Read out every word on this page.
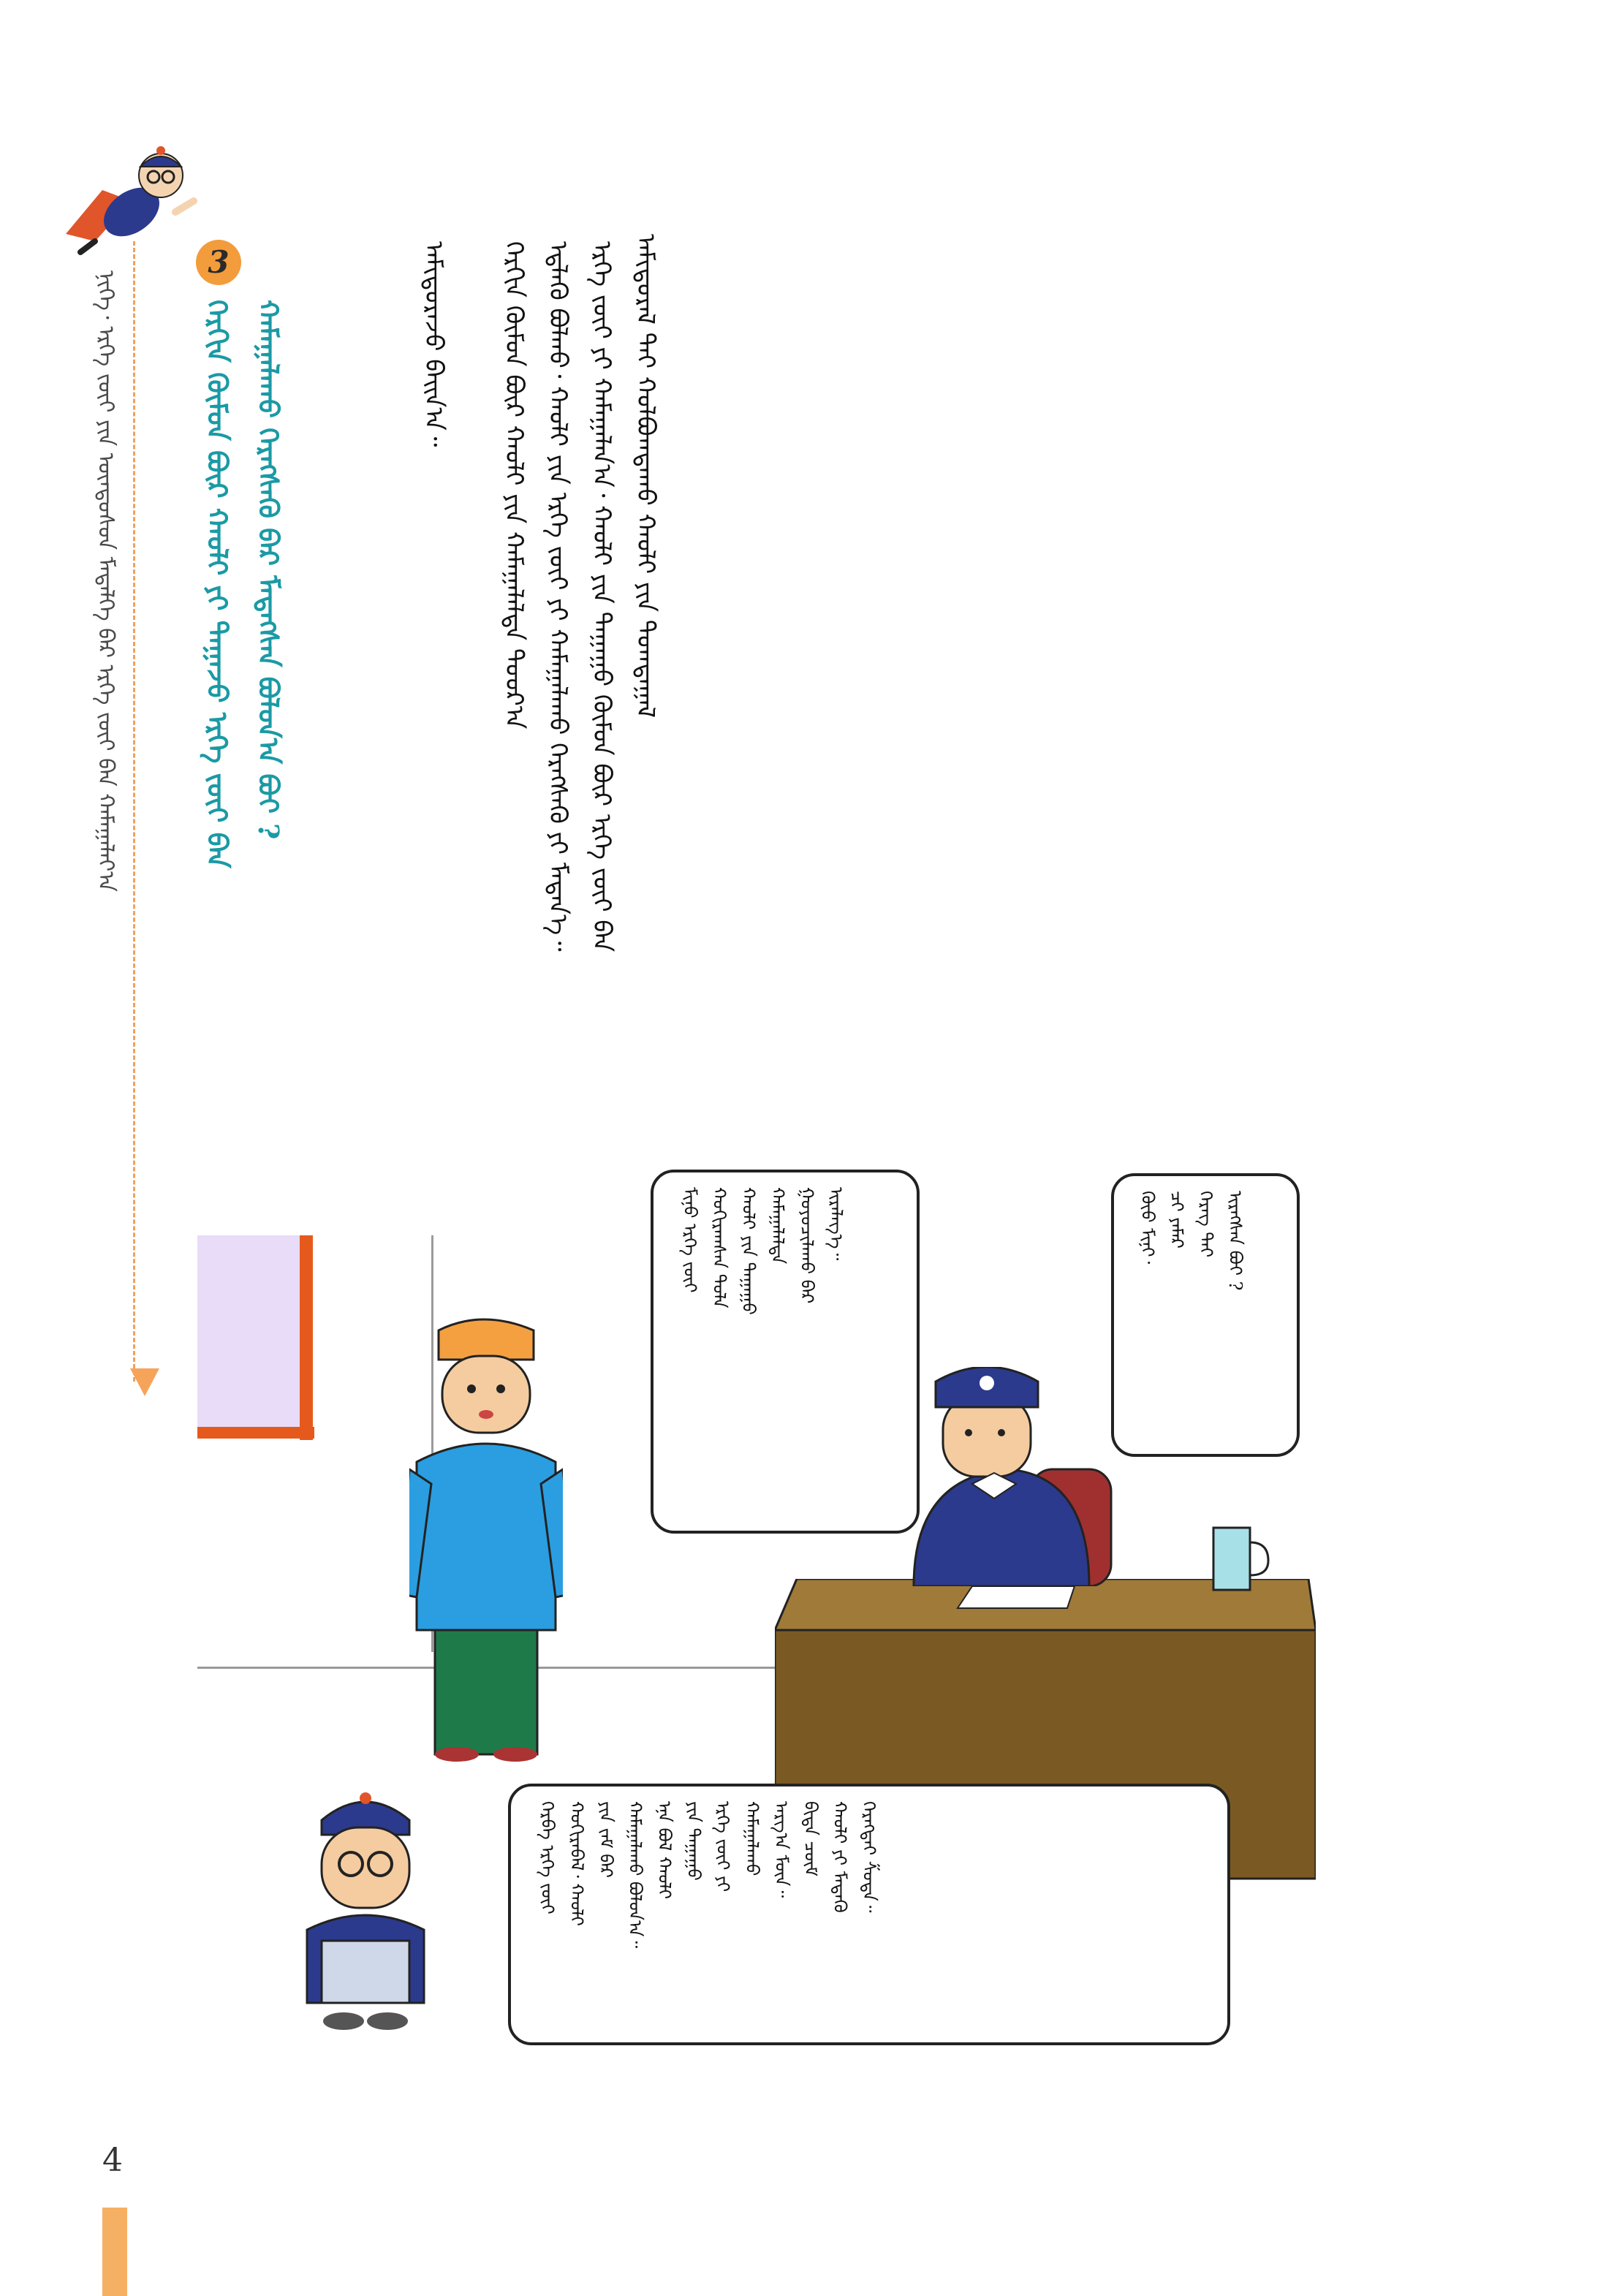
ᠨᠢᠭᠡ᠂ ᠡᠷᠬᠡ ᠵᠦᠢ ᠶᠢᠨ ᠦᠨᠳᠦᠰᠦᠨ ᠮᠡᠳᠡᠯᠭᠡ ᠪᠡᠷ ᠡᠷᠬᠡ ᠵᠦᠢ ᠪᠡᠨ ᠬᠠᠮᠠᠭᠠᠯᠠᠶ᠎ᠠ
3
ᠬᠡᠷᠬᠢᠨ ᠬᠦᠮᠦᠨ ᠪᠦᠷ ᠬᠠᠤᠯᠢ ᠶᠢ ᠳᠠᠭᠠᠵᠤ ᠡᠷᠬᠡ ᠵᠦᠢ ᠪᠡᠨ ᠬᠠᠮᠠᠭᠠᠯᠠᠬᠤ ᠬᠡᠷᠡᠭᠰᠡᠬᠦ ᠪᠡᠷ ᠮᠡᠳᠡᠭᠰᠡᠨ ᠪᠣᠯᠤᠨ᠎ᠠ ᠪᠣᠢ ?	ᠠᠮᠢᠳᠤᠷᠠᠯ ᠲᠠᠢ ᠬᠣᠯᠪᠣᠭᠳᠠᠬᠤ ᠬᠠᠤᠯᠢ ᠶᠢᠨ ᠲᠣᠭᠲᠠᠭᠠᠯ
ᠡᠷᠬᠡ ᠵᠦᠢ ᠶᠢ ᠬᠠᠮᠠᠭᠠᠯᠠᠨ᠎ᠠ᠂ ᠬᠠᠤᠯᠢ ᠶᠢᠨ ᠳᠠᠭᠠᠭᠤ ᠬᠦᠮᠦᠨ ᠪᠦᠷ ᠡᠷᠬᠡ ᠵᠦᠢ ᠪᠡᠨ
ᠡᠳ᠋ᠯᠡᠬᠦ ᠪᠣᠯᠬᠤ᠂ ᠬᠠᠤᠯᠢ ᠶᠢᠨ ᠡᠷᠬᠡ ᠵᠦᠢ ᠶᠢ ᠬᠠᠮᠠᠭᠠᠯᠠᠬᠤ ᠬᠡᠷᠡᠭᠰᠡᠬᠦ ᠶᠢ ᠮᠡᠳᠡᠨ᠎ᠡ᠃
ᠬᠡᠷᠬᠢᠨ ᠬᠦᠮᠦᠨ ᠪᠦᠷ ᠬᠠᠤᠯᠢ ᠶᠢᠨ ᠬᠠᠮᠠᠭᠠᠯᠠᠯᠲᠠ ᠳᠣᠣᠷ᠎ᠠ
ᠠᠮᠢᠳᠤᠷᠠᠵᠤ ᠪᠠᠢᠨ᠎ᠠ᠃
ᠮᠢᠨᠦ ᠡᠷᠬᠡ ᠵᠦᠢ ᠬᠣᠬᠢᠷᠠᠭᠰᠠᠨ ᠲᠤᠯᠠ ᠬᠠᠤᠯᠢ ᠶᠢᠨ ᠳᠠᠭᠠᠭᠤ ᠬᠠᠮᠠᠭᠠᠯᠠᠯᠲᠠ ᠭᠤᠶᠤᠴᠢᠯᠠᠬᠤ ᠪᠠᠷ ᠢᠷᠡᠯᠡᠭ᠎ᠡ᠃	ᠬᠦᠦ ᠮᠢᠨᠢ᠂ ᠴᠢ ᠶᠠᠮᠠᠷ ᠬᠡᠷᠡᠭ ᠲᠠᠢ ᠢᠷᠡᠭᠰᠡᠨ ᠪᠤᠢ ?
ᠬᠡᠷᠪᠡ ᠡᠷᠬᠡ ᠵᠦᠢ ᠬᠣᠬᠢᠷᠠᠪᠠᠯ᠂ ᠬᠠᠤᠯᠢ ᠶᠢᠨ ᠵᠠᠮ ᠪᠡᠷ ᠬᠠᠮᠠᠭᠠᠯᠠᠬᠤ ᠪᠣᠯᠣᠨ᠎ᠠ᠃ ᠡᠨᠡ ᠪᠣᠯ ᠬᠠᠤᠯᠢ ᠶᠢᠨ ᠳᠠᠭᠠᠭᠤ ᠡᠷᠬᠡ ᠵᠦᠢ ᠶᠢ ᠬᠠᠮᠠᠭᠠᠯᠠᠬᠤ ᠠᠷᠭ᠎ᠠ ᠮᠥᠨ᠃ ᠪᠢᠳᠡ ᠴᠦᠮ ᠬᠠᠤᠯᠢ ᠶᠢ ᠮᠡᠳᠡᠬᠦ ᠬᠡᠷᠡᠭᠲᠡᠢ ᠱᠤᠳᠠ᠃
4
